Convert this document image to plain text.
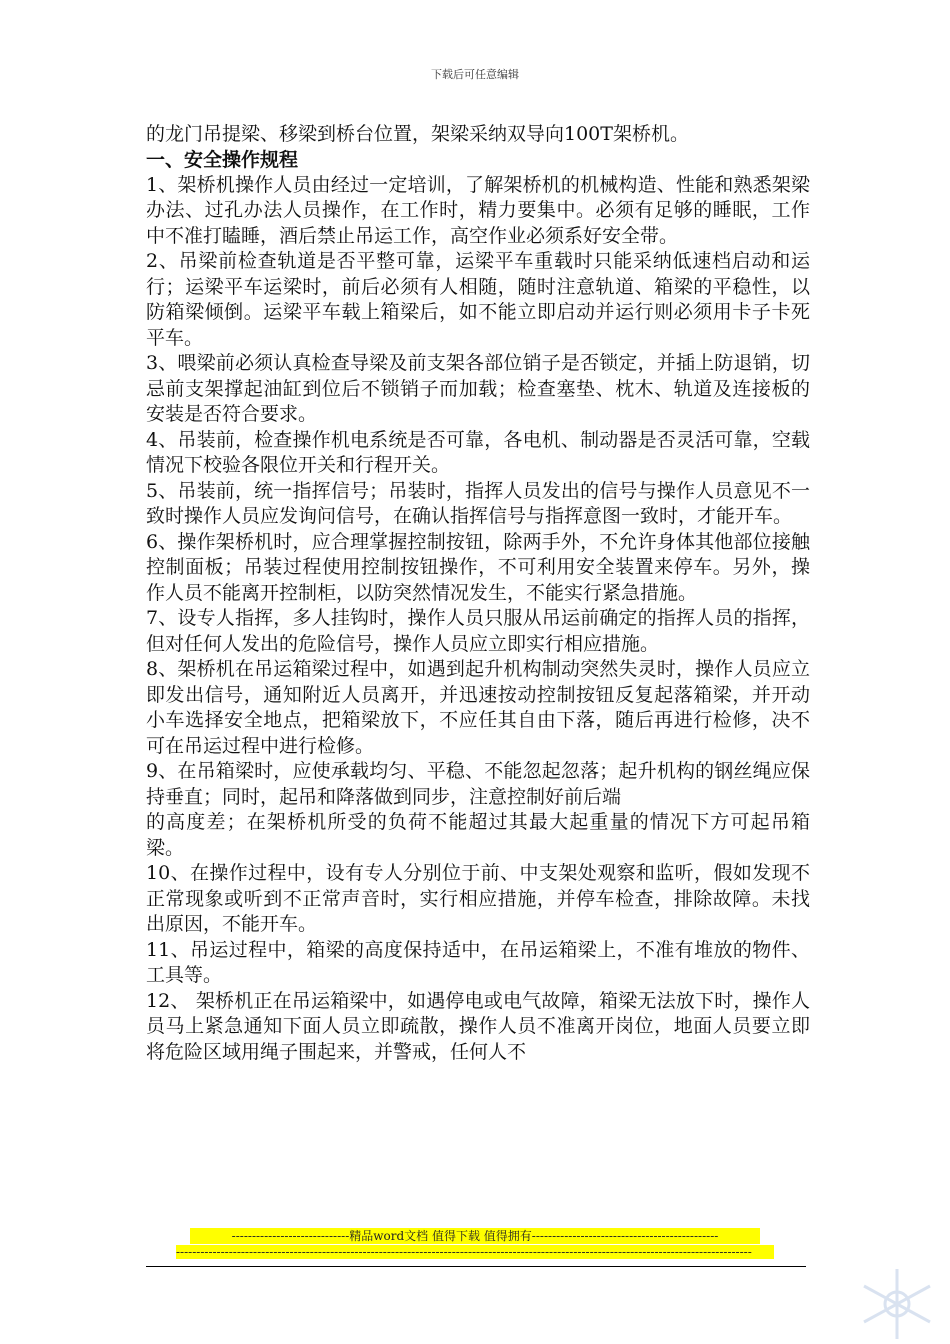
下载后可任意编辑

的龙门吊提梁、移梁到桥台位置，架梁采纳双导向100T架桥机。

一、安全操作规程

1、架桥机操作人员由经过一定培训，了解架桥机的机械构造、性能和熟悉架梁办法、过孔办法人员操作，在工作时，精力要集中。必须有足够的睡眠，工作中不准打瞌睡，酒后禁止吊运工作，高空作业必须系好安全带。

2、吊梁前检查轨道是否平整可靠，运梁平车重载时只能采纳低速档启动和运行；运梁平车运梁时，前后必须有人相随，随时注意轨道、箱梁的平稳性，以防箱梁倾倒。运梁平车载上箱梁后，如不能立即启动并运行则必须用卡子卡死平车。

3、喂梁前必须认真检查导梁及前支架各部位销子是否锁定，并插上防退销，切忌前支架撑起油缸到位后不锁销子而加载；检查塞垫、枕木、轨道及连接板的安装是否符合要求。

4、吊装前，检查操作机电系统是否可靠，各电机、制动器是否灵活可靠，空载情况下校验各限位开关和行程开关。

5、吊装前，统一指挥信号；吊装时，指挥人员发出的信号与操作人员意见不一致时操作人员应发询问信号，在确认指挥信号与指挥意图一致时，才能开车。

6、操作架桥机时，应合理掌握控制按钮，除两手外，不允许身体其他部位接触控制面板；吊装过程使用控制按钮操作，不可利用安全装置来停车。另外，操作人员不能离开控制柜，以防突然情况发生，不能实行紧急措施。

7、设专人指挥，多人挂钩时，操作人员只服从吊运前确定的指挥人员的指挥，但对任何人发出的危险信号，操作人员应立即实行相应措施。

8、架桥机在吊运箱梁过程中，如遇到起升机构制动突然失灵时，操作人员应立即发出信号，通知附近人员离开，并迅速按动控制按钮反复起落箱梁，并开动小车选择安全地点，把箱梁放下，不应任其自由下落，随后再进行检修，决不可在吊运过程中进行检修。

9、在吊箱梁时，应使承载均匀、平稳、不能忽起忽落；起升机构的钢丝绳应保持垂直；同时，起吊和降落做到同步，注意控制好前后端

的高度差；在架桥机所受的负荷不能超过其最大起重量的情况下方可起吊箱梁。

10、在操作过程中，设有专人分别位于前、中支架处观察和监听，假如发现不正常现象或听到不正常声音时，实行相应措施，并停车检查，排除故障。未找出原因，不能开车。

11、吊运过程中，箱梁的高度保持适中，在吊运箱梁上，不准有堆放的物件、工具等。

12、 架桥机正在吊运箱梁中，如遇停电或电气故障，箱梁无法放下时，操作人员马上紧急通知下面人员立即疏散，操作人员不准离开岗位，地面人员要立即将危险区域用绳子围起来，并警戒，任何人不

-----------------------------精品word文档 值得下载 值得拥有----------------------------------------------
----------------------------------------------------------------------------------------------------------------------------------------------
